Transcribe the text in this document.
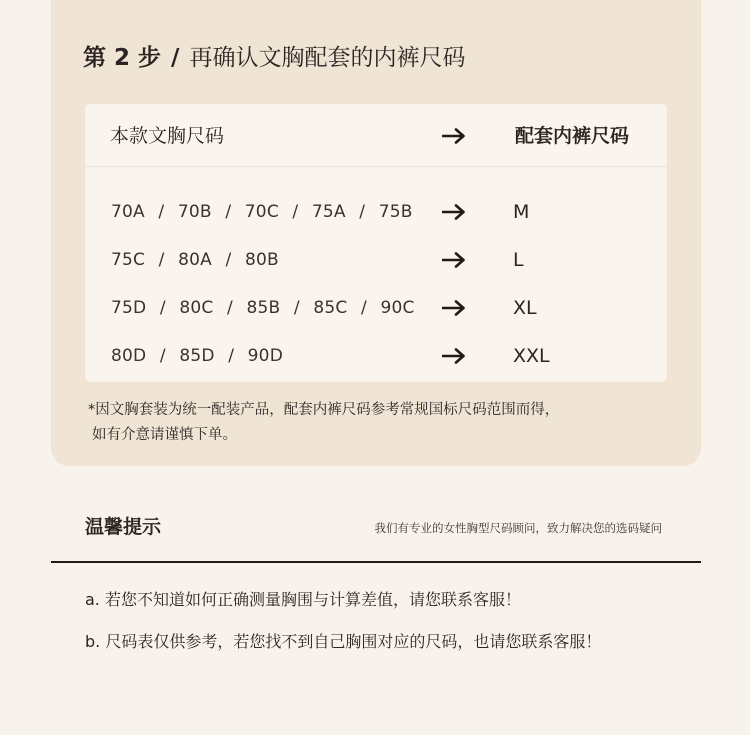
第 2 步 / 再确认文胸配套的内裤尺码
本款文胸尺码	配套内裤尺码
70A / 70B / 70C / 75A / 75B	M
75C / 80A / 80B	L
75D / 80C / 85B / 85C / 90C	XL
80D / 85D / 90D	XXL
*因文胸套装为统一配装产品，配套内裤尺码参考常规国标尺码范围而得，
如有介意请谨慎下单。
温馨提示	我们有专业的女性胸型尺码顾问，致力解决您的选码疑问
a. 若您不知道如何正确测量胸围与计算差值，请您联系客服！
b. 尺码表仅供参考，若您找不到自己胸围对应的尺码，也请您联系客服！
